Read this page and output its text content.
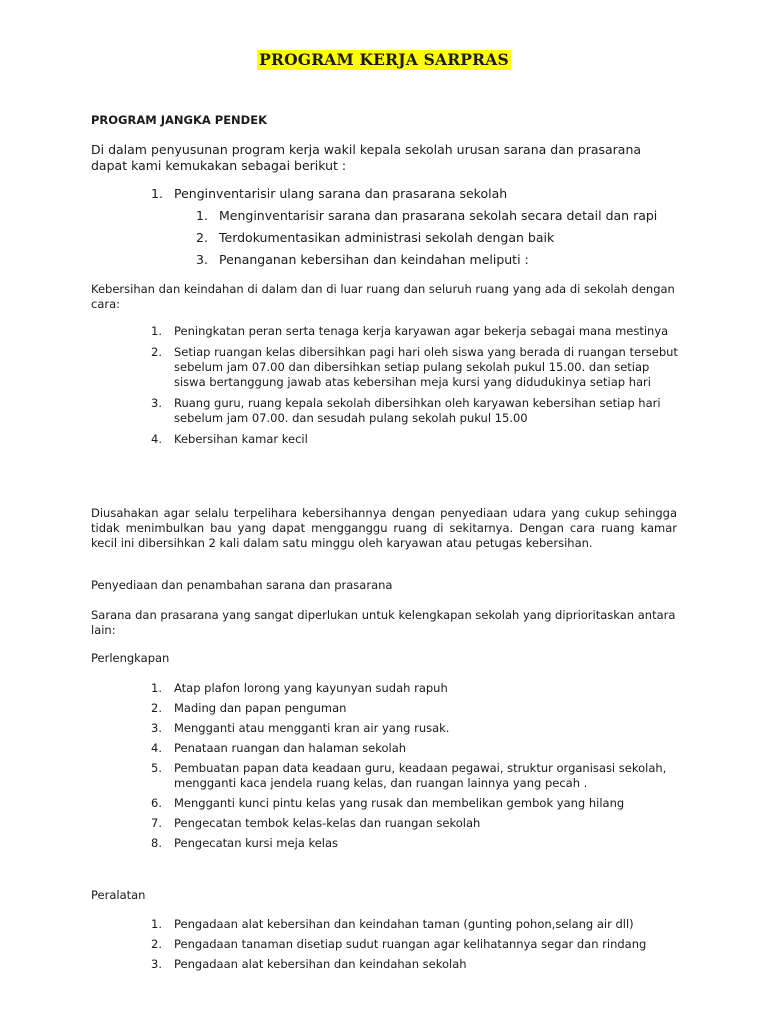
PROGRAM KERJA SARPRAS
PROGRAM JANGKA PENDEK
Di dalam penyusunan program kerja wakil kepala sekolah urusan sarana dan prasarana dapat kami kemukakan sebagai berikut :
1. Penginventarisir ulang sarana dan prasarana sekolah
1. Menginventarisir sarana dan prasarana sekolah secara detail dan rapi
2. Terdokumentasikan administrasi sekolah dengan baik
3. Penanganan kebersihan dan keindahan meliputi :
Kebersihan dan keindahan di dalam dan di luar ruang dan seluruh ruang yang ada di sekolah dengan cara:
1. Peningkatan peran serta tenaga kerja karyawan agar bekerja sebagai mana mestinya
2. Setiap ruangan kelas dibersihkan pagi hari oleh siswa yang berada di ruangan tersebut sebelum jam 07.00 dan dibersihkan setiap pulang sekolah pukul 15.00. dan setiap siswa bertanggung jawab atas kebersihan meja kursi yang didudukinya setiap hari
3. Ruang guru, ruang kepala sekolah dibersihkan oleh karyawan kebersihan setiap hari sebelum jam 07.00. dan sesudah pulang sekolah pukul 15.00
4. Kebersihan kamar kecil
Diusahakan agar selalu terpelihara kebersihannya dengan penyediaan udara yang cukup sehingga tidak menimbulkan bau yang dapat mengganggu ruang di sekitarnya. Dengan cara ruang kamar kecil ini dibersihkan 2 kali dalam satu minggu oleh karyawan atau petugas kebersihan.
Penyediaan dan penambahan sarana dan prasarana
Sarana dan prasarana yang sangat diperlukan untuk kelengkapan sekolah yang diprioritaskan antara lain:
Perlengkapan
1. Atap plafon lorong yang kayunyan sudah rapuh
2. Mading dan papan penguman
3. Mengganti atau mengganti kran air yang rusak.
4. Penataan ruangan dan halaman sekolah
5. Pembuatan papan data keadaan guru, keadaan pegawai, struktur organisasi sekolah, mengganti kaca jendela ruang kelas, dan ruangan lainnya yang pecah .
6. Mengganti kunci pintu kelas yang rusak dan membelikan gembok yang hilang
7. Pengecatan tembok kelas-kelas dan ruangan sekolah
8. Pengecatan kursi meja kelas
Peralatan
1. Pengadaan alat kebersihan dan keindahan taman (gunting pohon,selang air dll)
2. Pengadaan tanaman disetiap sudut ruangan agar kelihatannya segar dan rindang
3. Pengadaan alat kebersihan dan keindahan sekolah
